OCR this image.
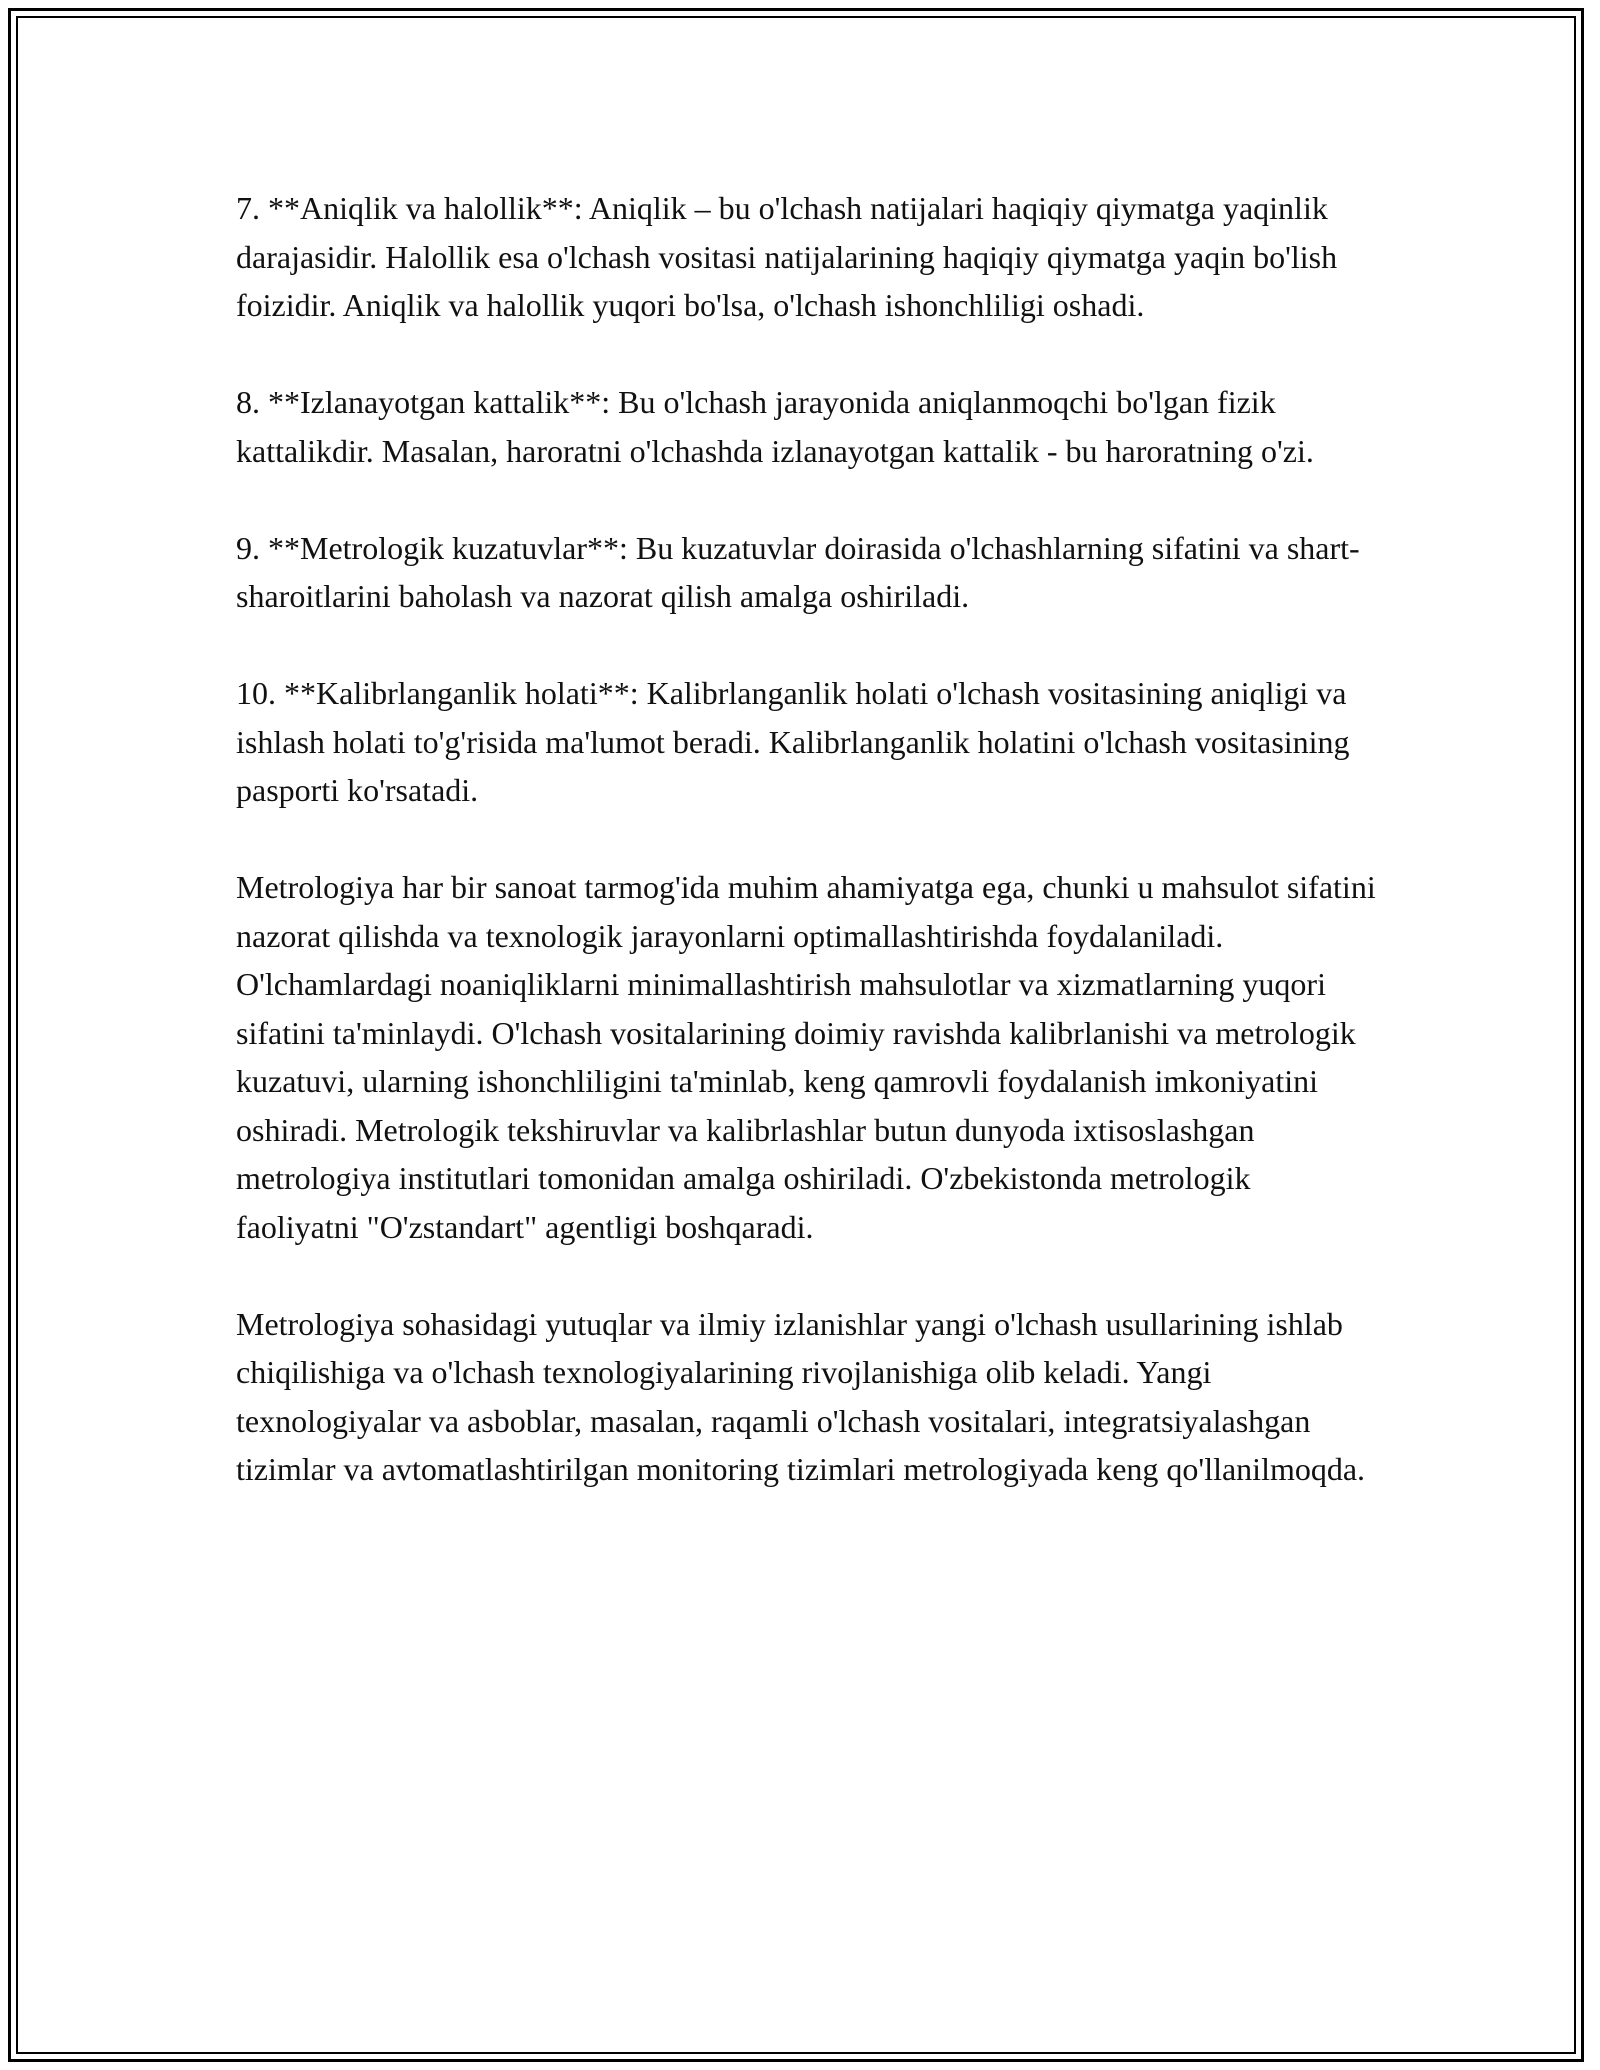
7. **Aniqlik va halollik**: Aniqlik – bu o'lchash natijalari haqiqiy qiymatga yaqinlik darajasidir. Halollik esa o'lchash vositasi natijalarining haqiqiy qiymatga yaqin bo'lish foizidir. Aniqlik va halollik yuqori bo'lsa, o'lchash ishonchliligi oshadi.

8. **Izlanayotgan kattalik**: Bu o'lchash jarayonida aniqlanmoqchi bo'lgan fizik kattalikdir. Masalan, haroratni o'lchashda izlanayotgan kattalik - bu haroratning o'zi.

9. **Metrologik kuzatuvlar**: Bu kuzatuvlar doirasida o'lchashlarning sifatini va shart-sharoitlarini baholash va nazorat qilish amalga oshiriladi.

10. **Kalibrlanganlik holati**: Kalibrlanganlik holati o'lchash vositasining aniqligi va ishlash holati to'g'risida ma'lumot beradi. Kalibrlanganlik holatini o'lchash vositasining pasporti ko'rsatadi.

Metrologiya har bir sanoat tarmog'ida muhim ahamiyatga ega, chunki u mahsulot sifatini nazorat qilishda va texnologik jarayonlarni optimallashtirishda foydalaniladi. O'lchamlardagi noaniqliklarni minimallashtirish mahsulotlar va xizmatlarning yuqori sifatini ta'minlaydi. O'lchash vositalarining doimiy ravishda kalibrlanishi va metrologik kuzatuvi, ularning ishonchliligini ta'minlab, keng qamrovli foydalanish imkoniyatini oshiradi. Metrologik tekshiruvlar va kalibrlashlar butun dunyoda ixtisoslashgan metrologiya institutlari tomonidan amalga oshiriladi. O'zbekistonda metrologik faoliyatni "O'zstandart" agentligi boshqaradi.

Metrologiya sohasidagi yutuqlar va ilmiy izlanishlar yangi o'lchash usullarining ishlab chiqilishiga va o'lchash texnologiyalarining rivojlanishiga olib keladi. Yangi texnologiyalar va asboblar, masalan, raqamli o'lchash vositalari, integratsiyalashgan tizimlar va avtomatlashtirilgan monitoring tizimlari metrologiyada keng qo'llanilmoqda.
